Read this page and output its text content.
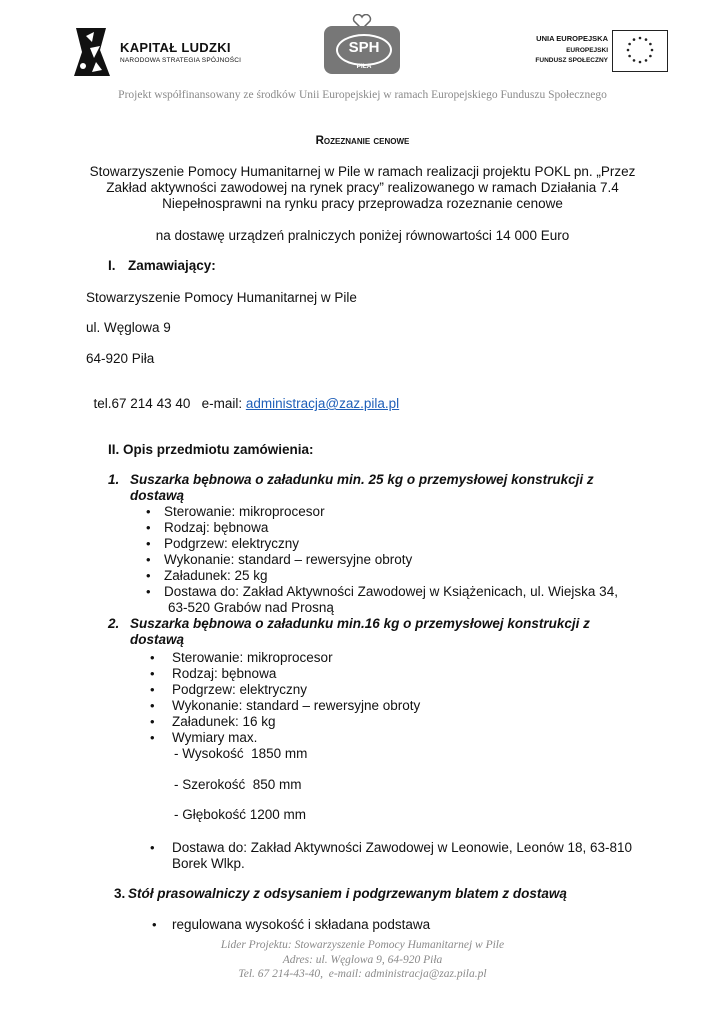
KAPITAŁ LUDZKI
NARODOWA STRATEGIA SPÓJNOŚCI
SPH
PIŁA
UNIA EUROPEJSKA
EUROPEJSKI
FUNDUSZ SPOŁECZNY
Projekt współfinansowany ze środków Unii Europejskiej w ramach Europejskiego Funduszu Społecznego
Rozeznanie cenowe
Stowarzyszenie Pomocy Humanitarnej w Pile w ramach realizacji projektu POKL pn. „Przez
Zakład aktywności zawodowej na rynek pracy” realizowanego w ramach Działania 7.4
Niepełnosprawni na rynku pracy przeprowadza rozeznanie cenowe
na dostawę urządzeń pralniczych poniżej równowartości 14 000 Euro
I. Zamawiający:
Stowarzyszenie Pomocy Humanitarnej w Pile
ul. Węglowa 9
64-920 Piła

tel.67 214 43 40   e-mail: administracja@zaz.pila.pl

II. Opis przedmiotu zamówienia:
1. Suszarka bębnowa o załadunku min. 25 kg o przemysłowej konstrukcji z
dostawą
• Sterowanie: mikroprocesor
• Rodzaj: bębnowa
• Podgrzew: elektryczny
• Wykonanie: standard – rewersyjne obroty
• Załadunek: 25 kg
• Dostawa do: Zakład Aktywności Zawodowej w Książenicach, ul. Wiejska 34,
63-520 Grabów nad Prosną
2. Suszarka bębnowa o załadunku min.16 kg o przemysłowej konstrukcji z
dostawą
• Sterowanie: mikroprocesor
• Rodzaj: bębnowa
• Podgrzew: elektryczny
• Wykonanie: standard – rewersyjne obroty
• Załadunek: 16 kg
• Wymiary max.
- Wysokość  1850 mm
- Szerokość  850 mm
- Głębokość 1200 mm
• Dostawa do: Zakład Aktywności Zawodowej w Leonowie, Leonów 18, 63-810
Borek Wlkp.
3. Stół prasowalniczy z odsysaniem i podgrzewanym blatem z dostawą
• regulowana wysokość i składana podstawa
Lider Projektu: Stowarzyszenie Pomocy Humanitarnej w Pile
Adres: ul. Węglowa 9, 64-920 Piła
Tel. 67 214-43-40,  e-mail: administracja@zaz.pila.pl
